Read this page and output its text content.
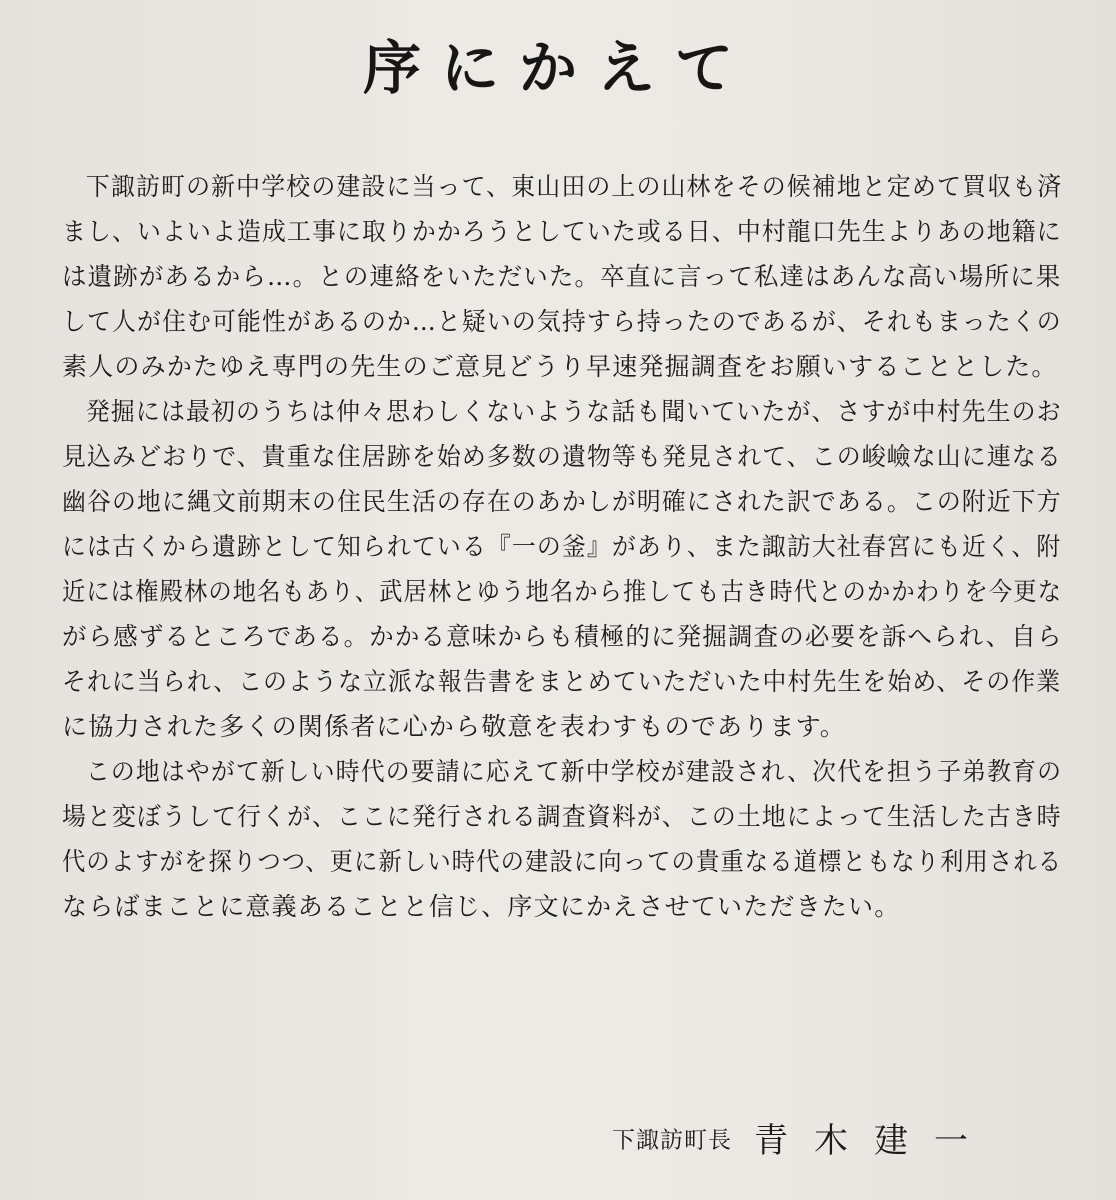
序にかえて
下諏訪町の新中学校の建設に当って、東山田の上の山林をその候補地と定めて買収も済
まし、いよいよ造成工事に取りかかろうとしていた或る日、中村龍口先生よりあの地籍に
は遺跡があるから…。との連絡をいただいた。卒直に言って私達はあんな高い場所に果
して人が住む可能性があるのか…と疑いの気持すら持ったのであるが、それもまったくの
素人のみかたゆえ専門の先生のご意見どうり早速発掘調査をお願いすることとした。
発掘には最初のうちは仲々思わしくないような話も聞いていたが、さすが中村先生のお
見込みどおりで、貴重な住居跡を始め多数の遺物等も発見されて、この峻嶮な山に連なる
幽谷の地に縄文前期末の住民生活の存在のあかしが明確にされた訳である。この附近下方
には古くから遺跡として知られている『一の釜』があり、また諏訪大社春宮にも近く、附
近には権殿林の地名もあり、武居林とゆう地名から推しても古き時代とのかかわりを今更な
がら感ずるところである。かかる意味からも積極的に発掘調査の必要を訴へられ、自ら
それに当られ、このような立派な報告書をまとめていただいた中村先生を始め、その作業
に協力された多くの関係者に心から敬意を表わすものであります。
この地はやがて新しい時代の要請に応えて新中学校が建設され、次代を担う子弟教育の
場と変ぼうして行くが、ここに発行される調査資料が、この土地によって生活した古き時
代のよすがを探りつつ、更に新しい時代の建設に向っての貴重なる道標ともなり利用される
ならばまことに意義あることと信じ、序文にかえさせていただきたい。
下諏訪町長 青木建一
